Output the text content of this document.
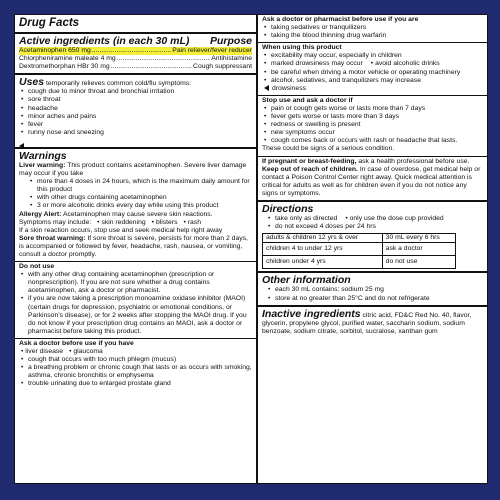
Drug Facts
Active ingredients (in each 30 mL) Purpose
Acetaminophen 650 mg .....	Pain reliever/fever reducer
Chlorpheniramine maleate 4 mg .....	Antihistamine
Dextromethorphan HBr 30 mg .....	Cough suppressant
Uses temporarily relieves common cold/flu symptoms:
• cough due to minor throat and bronchial irritation
• sore throat
• headache
• minor aches and pains
• fever
• runny nose and sneezing
Warnings
Liver warning: This product contains acetaminophen. Severe liver damage may occur if you take
• more than 4 doses in 24 hours, which is the maximum daily amount for this product
• with other drugs containing acetaminophen
• 3 or more alcoholic drinks every day while using this product
Allergy Alert: Acetaminophen may cause severe skin reactions.
Symptoms may include: • skin reddening • blisters • rash
If a skin reaction occurs, stop use and seek medical help right away
Sore throat warning: If sore throat is severe, persists for more than 2 days, is accompanied or followed by fever, headache, rash, nausea, or vomiting, consult a doctor promptly.
Do not use
• with any other drug containing acetaminophen (prescription or nonprescription). If you are not sure whether a drug contains acetaminophen, ask a doctor or pharmacist.
• if you are now taking a prescription monoamine oxidase inhibitor (MAOI) (certain drugs for depression, psychiatric or emotional conditions, or Parkinson’s disease), or for 2 weeks after stopping the MAOI drug. If you do not know if your prescription drug contains an MAOI, ask a doctor or pharmacist before taking this product.
Ask a doctor before use if you have
• liver disease • glaucoma
• cough that occurs with too much phlegm (mucus)
• a breathing problem or chronic cough that lasts or as occurs with smoking, asthma, chronic bronchitis or emphysema
• trouble urinating due to enlarged prostate gland
Ask a doctor or pharmacist before use if you are
• taking sedatives or tranquilizers
• taking the blood thinning drug warfarin
When using this product
• excitability may occur, especially in children
• marked drowsiness may occur • avoid alcoholic drinks
• be careful when driving a motor vehicle or operating machinery
• alcohol, sedatives, and tranquilizers may increase
drowsiness
Stop use and ask a doctor if
• pain or cough gets worse or lasts more than 7 days
• fever gets worse or lasts more than 3 days
• redness or swelling is present
• new symptoms occur
• cough comes back or occurs with rash or headache that lasts.
These could be signs of a serious condition.
If pregnant or breast-feeding, ask a health professional before use. Keep out of reach of children. In case of overdose, get medical help or contact a Poison Control Center right away. Quick medical attention is critical for adults as well as for children even if you do not notice any signs or symptoms.
Directions
• take only as directed • only use the dose cup provided
• do not exceed 4 doses per 24 hrs
adults & children 12 yrs & over	30 mL every 6 hrs
children 4 to under 12 yrs	ask a doctor
children under 4 yrs	do not use
Other information
• each 30 mL contains: sodium 25 mg
• store at no greater than 25°C and do not refrigerate
Inactive ingredients citric acid, FD&C Red No. 40, flavor, glycerin, propylene glycol, purified water, saccharin sodium, sodium benzoate, sodium citrate, sorbitol, sucralose, xanthan gum
